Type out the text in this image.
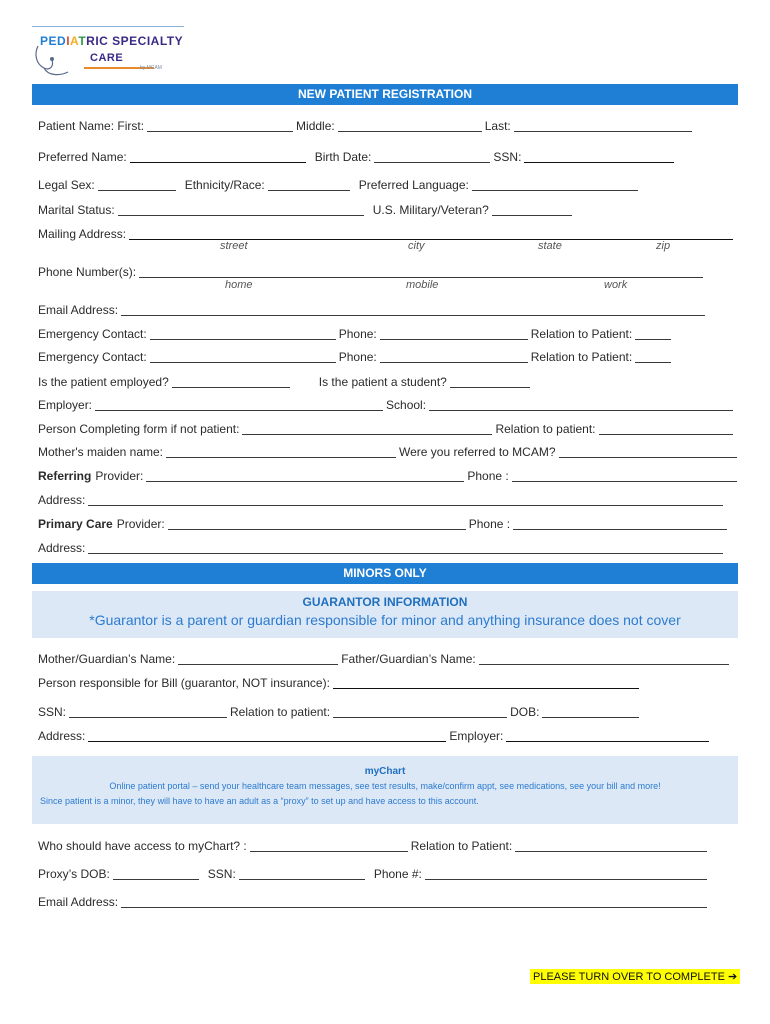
PEDIATRIC SPECIALTY
CARE
by MCAM
NEW PATIENT REGISTRATION
Patient Name: First:	Middle:	Last:
Preferred Name:	Birth Date:	SSN:
Legal Sex:	Ethnicity/Race:	Preferred Language:
Marital Status:	U.S. Military/Veteran?
Mailing Address:
street	city	state	zip
Phone Number(s):
home	mobile	work
Email Address:
Emergency Contact:	Phone:	Relation to Patient:
Emergency Contact:	Phone:	Relation to Patient:
Is the patient employed?	Is the patient a student?
Employer:	School:
Person Completing form if not patient:	Relation to patient:
Mother's maiden name:	Were you referred to MCAM?
Referring Provider:	Phone :
Address:
Primary Care Provider:	Phone :
Address:
MINORS ONLY
GUARANTOR INFORMATION
*Guarantor is a parent or guardian responsible for minor and anything insurance does not cover
Mother/Guardian’s Name:	Father/Guardian’s Name:
Person responsible for Bill (guarantor, NOT insurance):
SSN:	Relation to patient:	DOB:
Address:	Employer:
myChart
Online patient portal – send your healthcare team messages, see test results, make/confirm appt, see medications, see your bill and more!
Since patient is a minor, they will have to have an adult as a “proxy” to set up and have access to this account.
Who should have access to myChart? :	Relation to Patient:
Proxy’s DOB:	SSN:	Phone #:
Email Address:
PLEASE TURN OVER TO COMPLETE ➔
